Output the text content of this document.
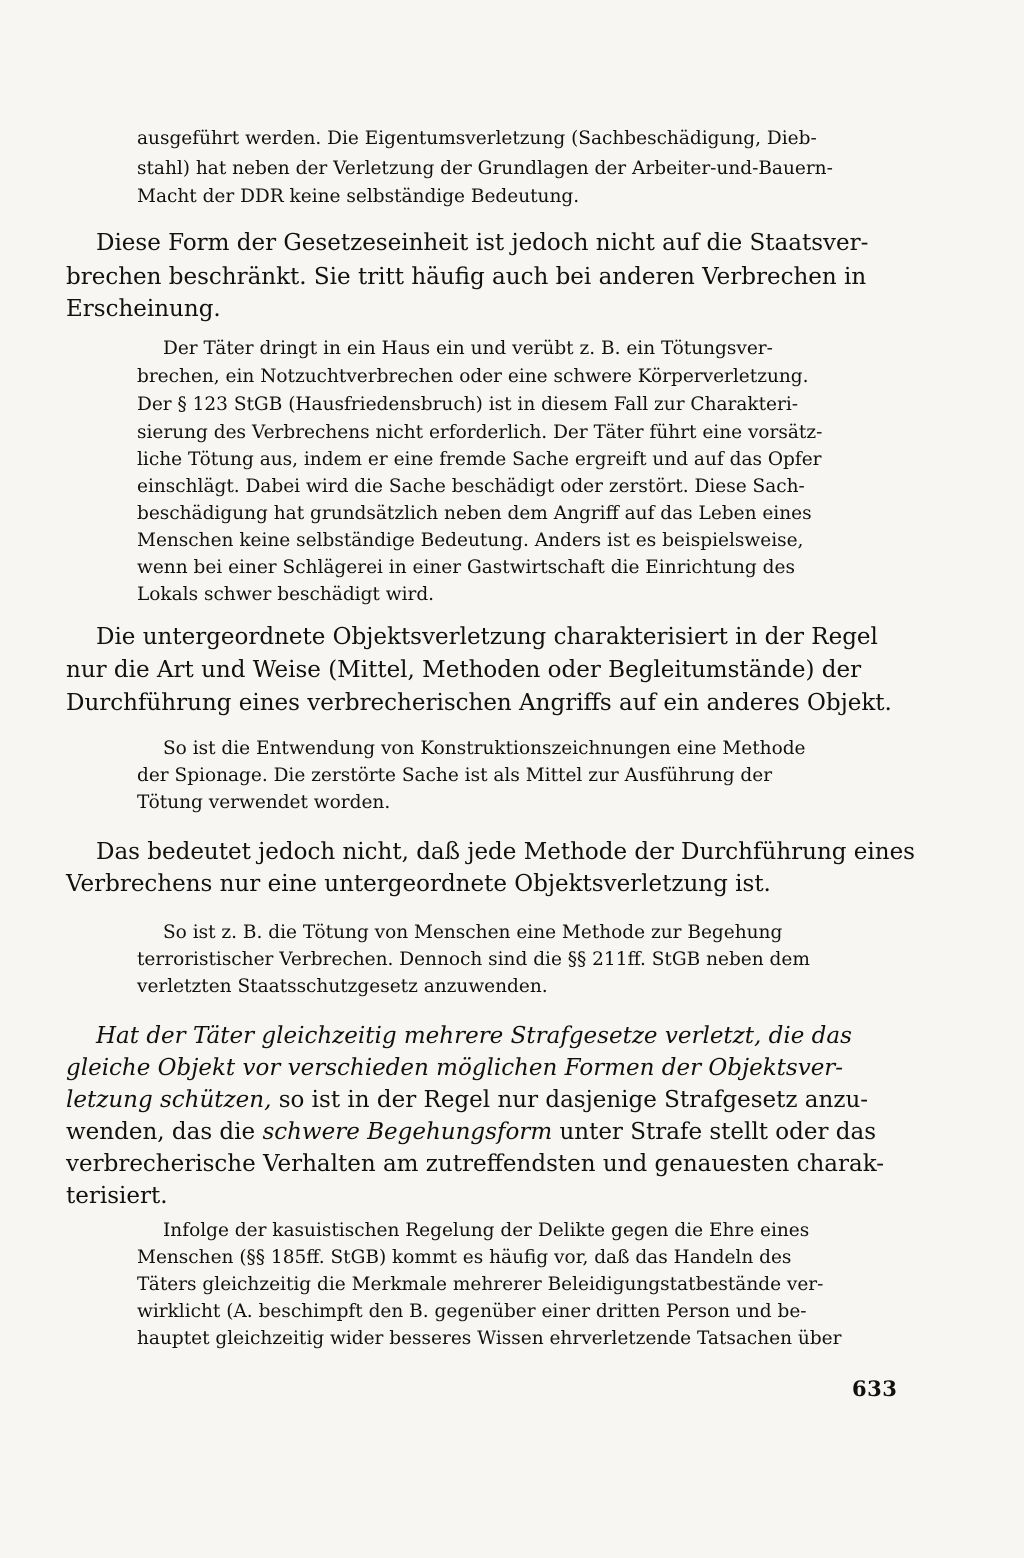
ausgeführt werden. Die Eigentumsverletzung (Sachbeschädigung, Dieb-

stahl) hat neben der Verletzung der Grundlagen der Arbeiter-und-Bauern-

Macht der DDR keine selbständige Bedeutung.

Diese Form der Gesetzeseinheit ist jedoch nicht auf die Staatsver-

brechen beschränkt. Sie tritt häufig auch bei anderen Verbrechen in

Erscheinung.

Der Täter dringt in ein Haus ein und verübt z. B. ein Tötungsver-

brechen, ein Notzuchtverbrechen oder eine schwere Körperverletzung.

Der § 123 StGB (Hausfriedensbruch) ist in diesem Fall zur Charakteri-

sierung des Verbrechens nicht erforderlich. Der Täter führt eine vorsätz-

liche Tötung aus, indem er eine fremde Sache ergreift und auf das Opfer

einschlägt. Dabei wird die Sache beschädigt oder zerstört. Diese Sach-

beschädigung hat grundsätzlich neben dem Angriff auf das Leben eines

Menschen keine selbständige Bedeutung. Anders ist es beispielsweise,

wenn bei einer Schlägerei in einer Gastwirtschaft die Einrichtung des

Lokals schwer beschädigt wird.

Die untergeordnete Objektsverletzung charakterisiert in der Regel

nur die Art und Weise (Mittel, Methoden oder Begleitumstände) der

Durchführung eines verbrecherischen Angriffs auf ein anderes Objekt.

So ist die Entwendung von Konstruktionszeichnungen eine Methode

der Spionage. Die zerstörte Sache ist als Mittel zur Ausführung der

Tötung verwendet worden.

Das bedeutet jedoch nicht, daß jede Methode der Durchführung eines

Verbrechens nur eine untergeordnete Objektsverletzung ist.

So ist z. B. die Tötung von Menschen eine Methode zur Begehung

terroristischer Verbrechen. Dennoch sind die §§ 211ff. StGB neben dem

verletzten Staatsschutzgesetz anzuwenden.

Hat der Täter gleichzeitig mehrere Strafgesetze verletzt, die das

gleiche Objekt vor verschieden möglichen Formen der Objektsver-

letzung schützen, so ist in der Regel nur dasjenige Strafgesetz anzu-

wenden, das die schwere Begehungsform unter Strafe stellt oder das

verbrecherische Verhalten am zutreffendsten und genauesten charak-

terisiert.

Infolge der kasuistischen Regelung der Delikte gegen die Ehre eines

Menschen (§§ 185ff. StGB) kommt es häufig vor, daß das Handeln des

Täters gleichzeitig die Merkmale mehrerer Beleidigungstatbestände ver-

wirklicht (A. beschimpft den B. gegenüber einer dritten Person und be-

hauptet gleichzeitig wider besseres Wissen ehrverletzende Tatsachen über

633
